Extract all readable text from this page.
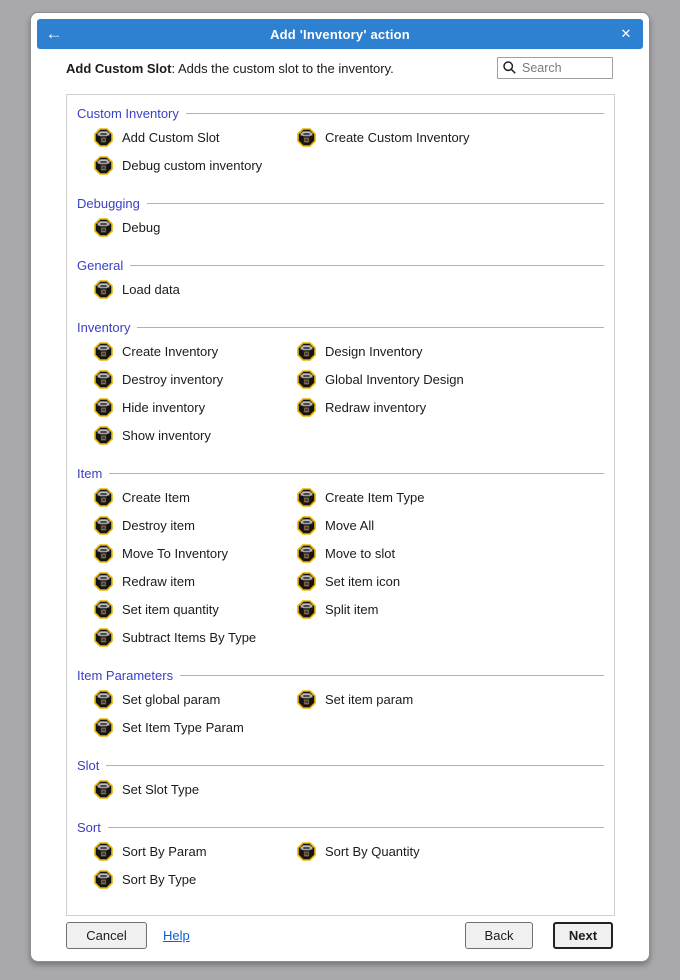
←	Add 'Inventory' action	✕
Add Custom Slot: Adds the custom slot to the inventory.
Search
Custom Inventory
Add Custom Slot	Create Custom Inventory
Debug custom inventory
Debugging
Debug
General
Load data
Inventory
Create Inventory	Design Inventory
Destroy inventory	Global Inventory Design
Hide inventory	Redraw inventory
Show inventory
Item
Create Item	Create Item Type
Destroy item	Move All
Move To Inventory	Move to slot
Redraw item	Set item icon
Set item quantity	Split item
Subtract Items By Type
Item Parameters
Set global param	Set item param
Set Item Type Param
Slot
Set Slot Type
Sort
Sort By Param	Sort By Quantity
Sort By Type
Cancel	Help	Back	Next
